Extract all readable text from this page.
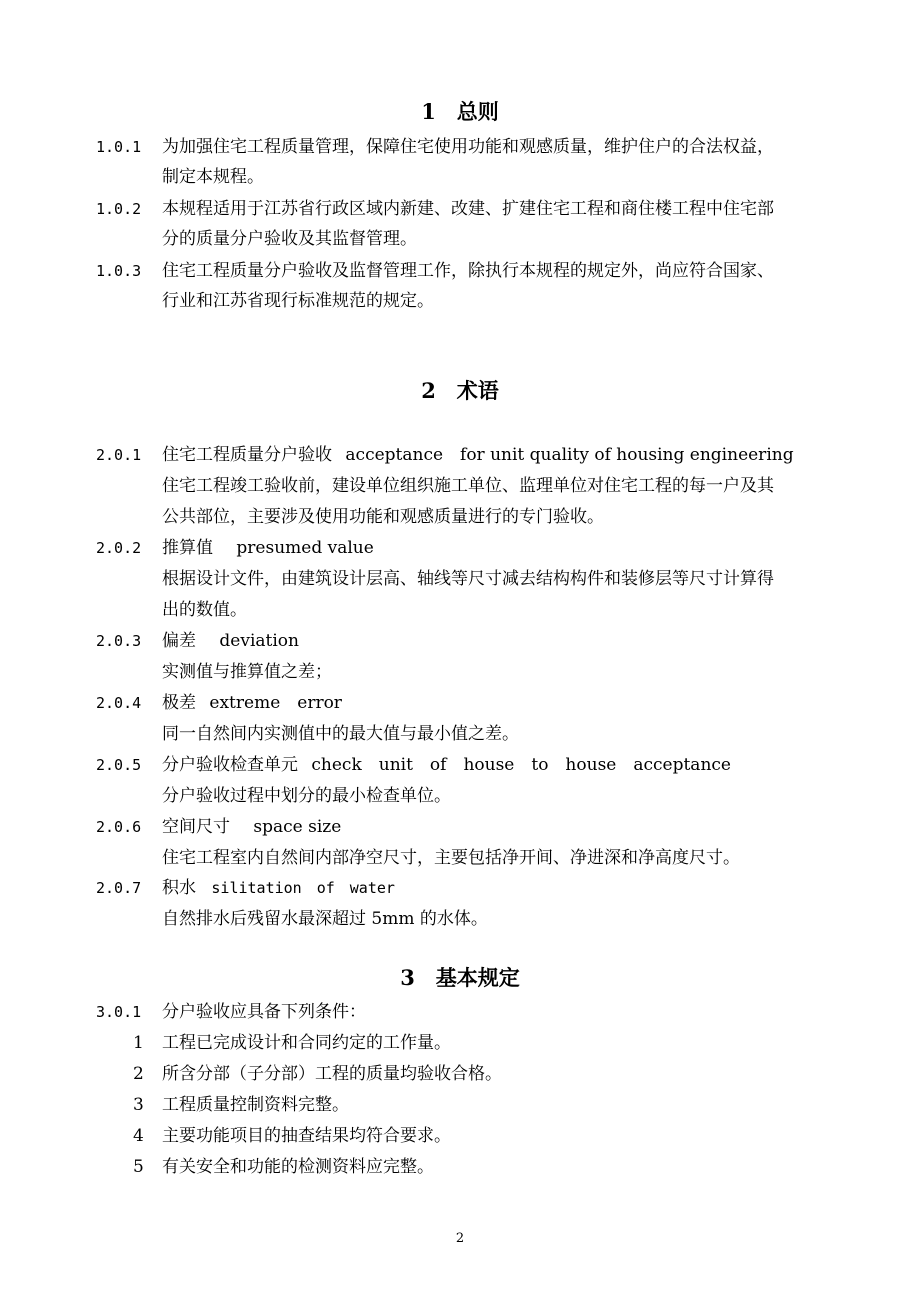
1　总则
1.0.1 为加强住宅工程质量管理，保障住宅使用功能和观感质量，维护住户的合法权益，
制定本规程。
1.0.2 本规程适用于江苏省行政区域内新建、改建、扩建住宅工程和商住楼工程中住宅部
分的质量分户验收及其监督管理。
1.0.3 住宅工程质量分户验收及监督管理工作，除执行本规程的规定外，尚应符合国家、
行业和江苏省现行标准规范的规定。
2　术语
2.0.1 住宅工程质量分户验收 acceptance　for unit quality of housing engineering
住宅工程竣工验收前，建设单位组织施工单位、监理单位对住宅工程的每一户及其
公共部位，主要涉及使用功能和观感质量进行的专门验收。
2.0.2 推算值 presumed value
根据设计文件，由建筑设计层高、轴线等尺寸减去结构构件和装修层等尺寸计算得
出的数值。
2.0.3 偏差 deviation
实测值与推算值之差；
2.0.4 极差 extreme　error
同一自然间内实测值中的最大值与最小值之差。
2.0.5 分户验收检查单元 check　unit　of　house　to　house　acceptance
分户验收过程中划分的最小检查单位。
2.0.6 空间尺寸 space size
住宅工程室内自然间内部净空尺寸，主要包括净开间、净进深和净高度尺寸。
2.0.7 积水 silitation　of　water
自然排水后残留水最深超过 5mm 的水体。
3　基本规定
3.0.1 分户验收应具备下列条件：
1 工程已完成设计和合同约定的工作量。
2 所含分部（子分部）工程的质量均验收合格。
3 工程质量控制资料完整。
4 主要功能项目的抽查结果均符合要求。
5 有关安全和功能的检测资料应完整。
2
